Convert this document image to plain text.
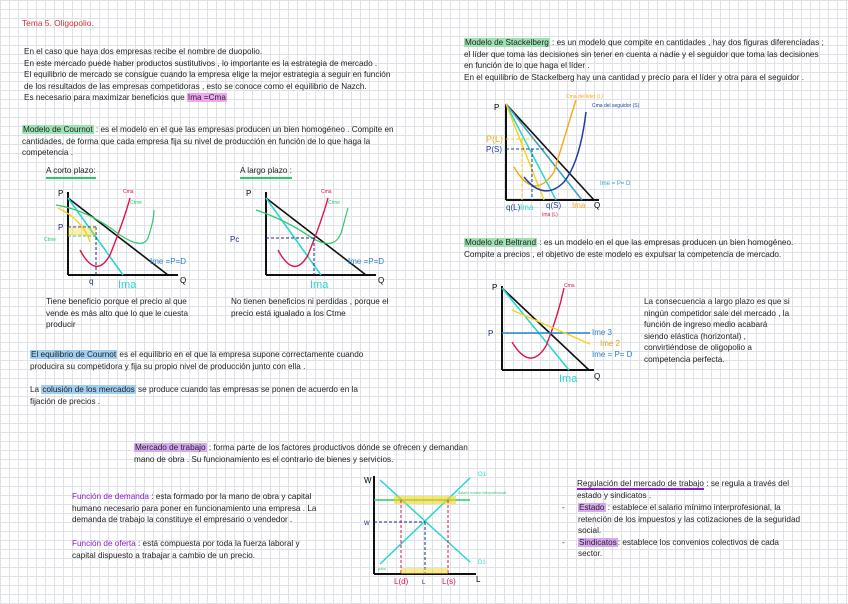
Tema 5. Oligopolio.
En el caso que haya dos empresas recibe el nombre de duopolio.
En este mercado puede haber productos sustitutivos , lo importante es la estrategia de mercado .
El equilibrio de mercado se consigue cuando la empresa elige la mejor estrategia a seguir en función
de los resultados de las empresas competidoras , esto se conoce como el equilibrio de Nazch.
Es necesario para maximizar beneficios que Ima =Cma
Modelo de Cournot : es el modelo en el que las empresas producen un bien homogéneo . Compite en
cantidades, de forma que cada empresa fija su nivel de producción en función de lo que haga la
competencia .
A corto plazo:	A largo plazo :
P
Q
Cma
Ctme
Ctme
P
q
Ime =P=D
Ima
P
Q
Cma
Ctme
Pc
Ime =P=D
Ima
Tiene beneficio porque el precio al que
vende es más alto que lo que le cuesta
producir
No tienen beneficios ni perdidas , porque el
precio está igualado a los Ctme
El equilibrio de Cournot es el equilibrio en el que la empresa supone correctamente cuando
producira su competidora y fija su propio nivel de producción junto con ella .
La colusión de los mercados se produce cuando las empresas se ponen de acuerdo en la
fijación de precios .
Modelo de Stackelberg : es un modelo que compite en cantidades , hay dos figuras diferenciadas ;
el líder que toma las decisiones sin tener en cuenta a nadie y el seguidor que toma las decisiones
en función de lo que haga el líder .
En el equilibrio de Stackelberg hay una cantidad y precio para el líder y otra para el seguidor .
P
Q
Cma del lider (L)
Cma del seguidor (S)
Ime = P= D
P(L)
P(S)
q(L) Ima q(S) Ima
Ima (L)
Modelo de Beltrand : es un modelo en el que las empresas producen un bien homogéneo.
Compite a precios , el objetivo de este modelo es expulsar la competencia de mercado.
P
Q
P
Cma
Ime 3
Ime 2
Ime = P= D
Ima
La consecuencia a largo plazo es que si
ningún competidor sale del mercado , la
función de ingreso medio acabará
siendo elástica (horizontal) ,
convirtiéndose de oligopolio a
competencia perfecta.
Mercado de trabajo : forma parte de los factores productivos dónde se ofrecen y demandan
mano de obra . Su funcionamiento es el contrario de bienes y servicios.
Función de demanda : esta formado por la mano de obra y capital
humano necesario para poner en funcionamiento una empresa . La
demanda de trabajo la constituye el empresario o vendedor .
Función de oferta : está compuesta por toda la fuerza laboral y
capital dispuesto a trabajar a cambio de un precio.
W
L
O1
D1
W
L(d) L L(s)
paro
Salario mínimo interprofesional
Regulación del mercado de trabajo : se regula a través del
estado y sindicatos .
- Estado : establece el salario mínimo interprofesional, la
retención de los impuestos y las cotizaciones de la seguridad
social.
- Sindicatos: establece los convenios colectivos de cada
sector.
